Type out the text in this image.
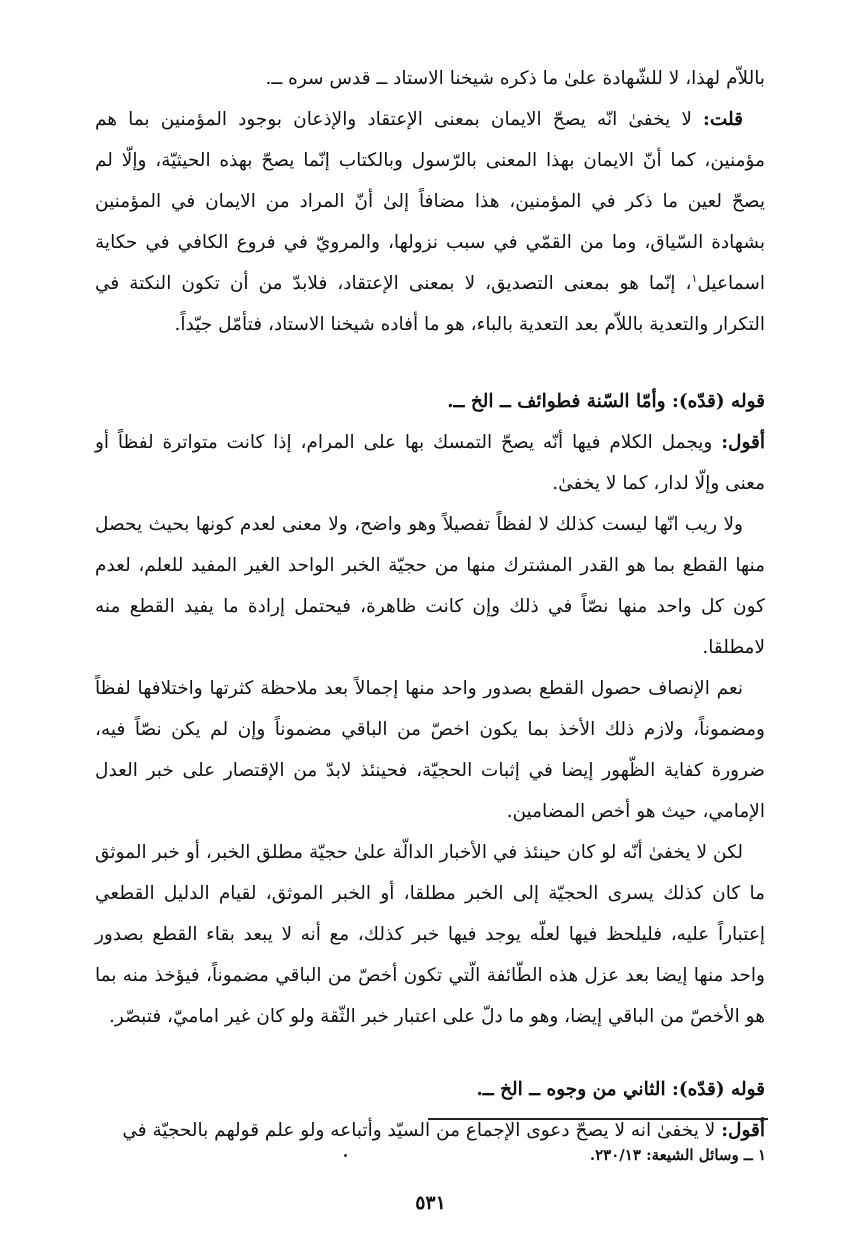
باللاّم لهذا، لا للشّهادة علىٰ ما ذكره شيخنا الاستاد ــ قدس سره ــ.

قلت: لا يخفىٰ انّه يصحّ الايمان بمعنى الإعتقاد والإذعان بوجود المؤمنين بما هم مؤمنين، كما أنّ الايمان بهذا المعنى بالرّسول وبالكتاب إنّما يصحّ بهذه الحيثيّة، وإلّا لم يصحّ لعين ما ذكر في المؤمنين، هذا مضافاً إلىٰ أنّ المراد من الايمان في المؤمنين بشهادة السّياق، وما من القمّي في سبب نزولها، والمرويّ في فروع الكافي في حكاية اسماعيل$^١$، إنّما هو بمعنى التصديق، لا بمعنى الإعتقاد، فلابدّ من أن تكون النكتة في التكرار والتعدية باللاّم بعد التعدية بالباء، هو ما أفاده شيخنا الاستاد، فتأمّل جيّداً.

قوله (قدّه): وأمّا السّنة فطوائف ــ الخ ــ.

أقول: ويجمل الكلام فيها أنّه يصحّ التمسك بها على المرام، إذا كانت متواترة لفظاً أو معنى وإلّا لدار، كما لا يخفىٰ.

ولا ريب انّها ليست كذلك لا لفظاً تفصيلاً وهو واضح، ولا معنى لعدم كونها بحيث يحصل منها القطع بما هو القدر المشترك منها من حجيّة الخبر الواحد الغير المفيد للعلم، لعدم كون كل واحد منها نصّاً في ذلك وإن كانت ظاهرة، فيحتمل إرادة ما يفيد القطع منه لامطلقا.

نعم الإنصاف حصول القطع بصدور واحد منها إجمالاً بعد ملاحظة كثرتها واختلافها لفظاً ومضموناً، ولازم ذلك الأخذ بما يكون اخصّ من الباقي مضموناً وإن لم يكن نصّاً فيه، ضرورة كفاية الظّهور إيضا في إثبات الحجيّة، فحينئذ لابدّ من الإقتصار على خبر العدل الإمامي، حيث هو أخص المضامين.

لكن لا يخفىٰ أنّه لو كان حينئذ في الأخبار الدالّة علىٰ حجيّة مطلق الخبر، أو خبر الموثق ما كان كذلك يسرى الحجيّة إلى الخبر مطلقا، أو الخبر الموثق، لقيام الدليل القطعي إعتباراً عليه، فليلحظ فيها لعلّه يوجد فيها خبر كذلك، مع أنه لا يبعد بقاء القطع بصدور واحد منها إيضا بعد عزل هذه الطّائفة الّتي تكون أخصّ من الباقي مضموناً، فيؤخذ منه بما هو الأخصّ من الباقي إيضا، وهو ما دلّ على اعتبار خبر الثّقة ولو كان غير اماميّ، فتبصّر.

قوله (قدّه): الثاني من وجوه ــ الخ ــ.

أقول: لا يخفىٰ انه لا يصحّ دعوى الإجماع من السيّد وأتباعه ولو علم قولهم بالحجيّة في

١ ــ وسائل الشيعة: ٢٣٠/١٣.
٥٣١
